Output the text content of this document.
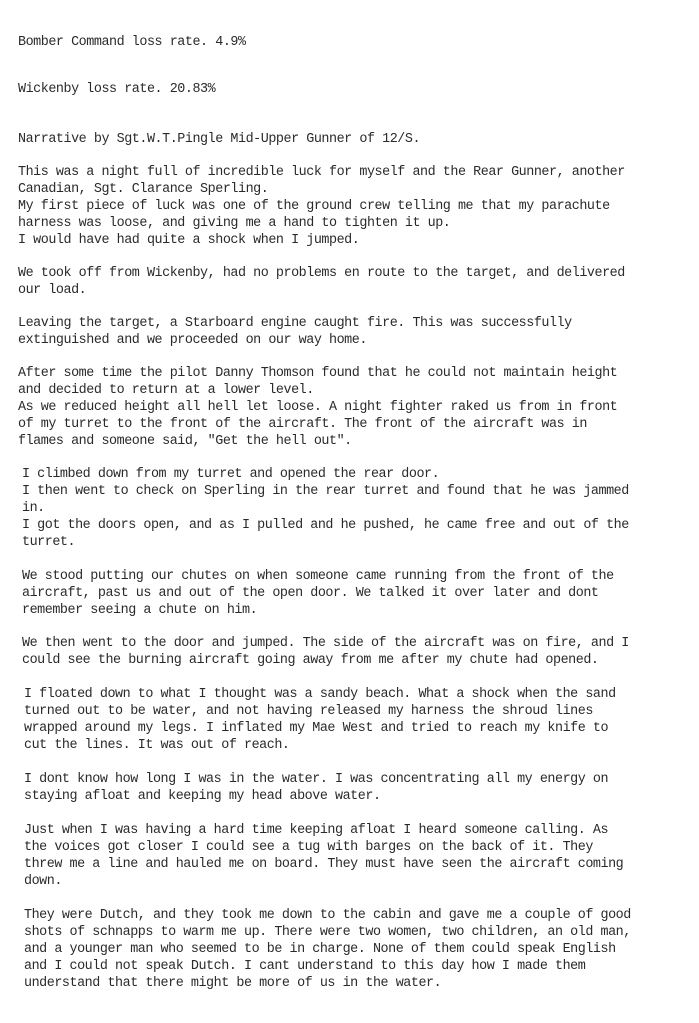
Bomber Command loss rate. 4.9%
Wickenby loss rate. 20.83%
Narrative by Sgt.W.T.Pingle Mid-Upper Gunner of 12/S.
This was a night full of incredible luck for myself and the Rear Gunner, another
Canadian, Sgt. Clarance Sperling.
My first piece of luck was one of the ground crew telling me that my parachute
harness was loose, and giving me a hand to tighten it up.
I would have had quite a shock when I jumped.
We took off from Wickenby, had no problems en route to the target, and delivered
our load.
Leaving the target, a Starboard engine caught fire. This was successfully
extinguished and we proceeded on our way home.
After some time the pilot Danny Thomson found that he could not maintain height
and decided to return at a lower level.
As we reduced height all hell let loose. A night fighter raked us from in front
of my turret to the front of the aircraft. The front of the aircraft was in
flames and someone said, "Get the hell out".
I climbed down from my turret and opened the rear door.
I then went to check on Sperling in the rear turret and found that he was jammed
in.
I got the doors open, and as I pulled and he pushed, he came free and out of the
turret.
We stood putting our chutes on when someone came running from the front of the
aircraft, past us and out of the open door. We talked it over later and dont
remember seeing a chute on him.
We then went to the door and jumped. The side of the aircraft was on fire, and I
could see the burning aircraft going away from me after my chute had opened.
I floated down to what I thought was a sandy beach. What a shock when the sand
turned out to be water, and not having released my harness the shroud lines
wrapped around my legs. I inflated my Mae West and tried to reach my knife to
cut the lines. It was out of reach.
I dont know how long I was in the water. I was concentrating all my energy on
staying afloat and keeping my head above water.
Just when I was having a hard time keeping afloat I heard someone calling. As
the voices got closer I could see a tug with barges on the back of it. They
threw me a line and hauled me on board. They must have seen the aircraft coming
down.
They were Dutch, and they took me down to the cabin and gave me a couple of good
shots of schnapps to warm me up. There were two women, two children, an old man,
and a younger man who seemed to be in charge. None of them could speak English
and I could not speak Dutch. I cant understand to this day how I made them
understand that there might be more of us in the water.
